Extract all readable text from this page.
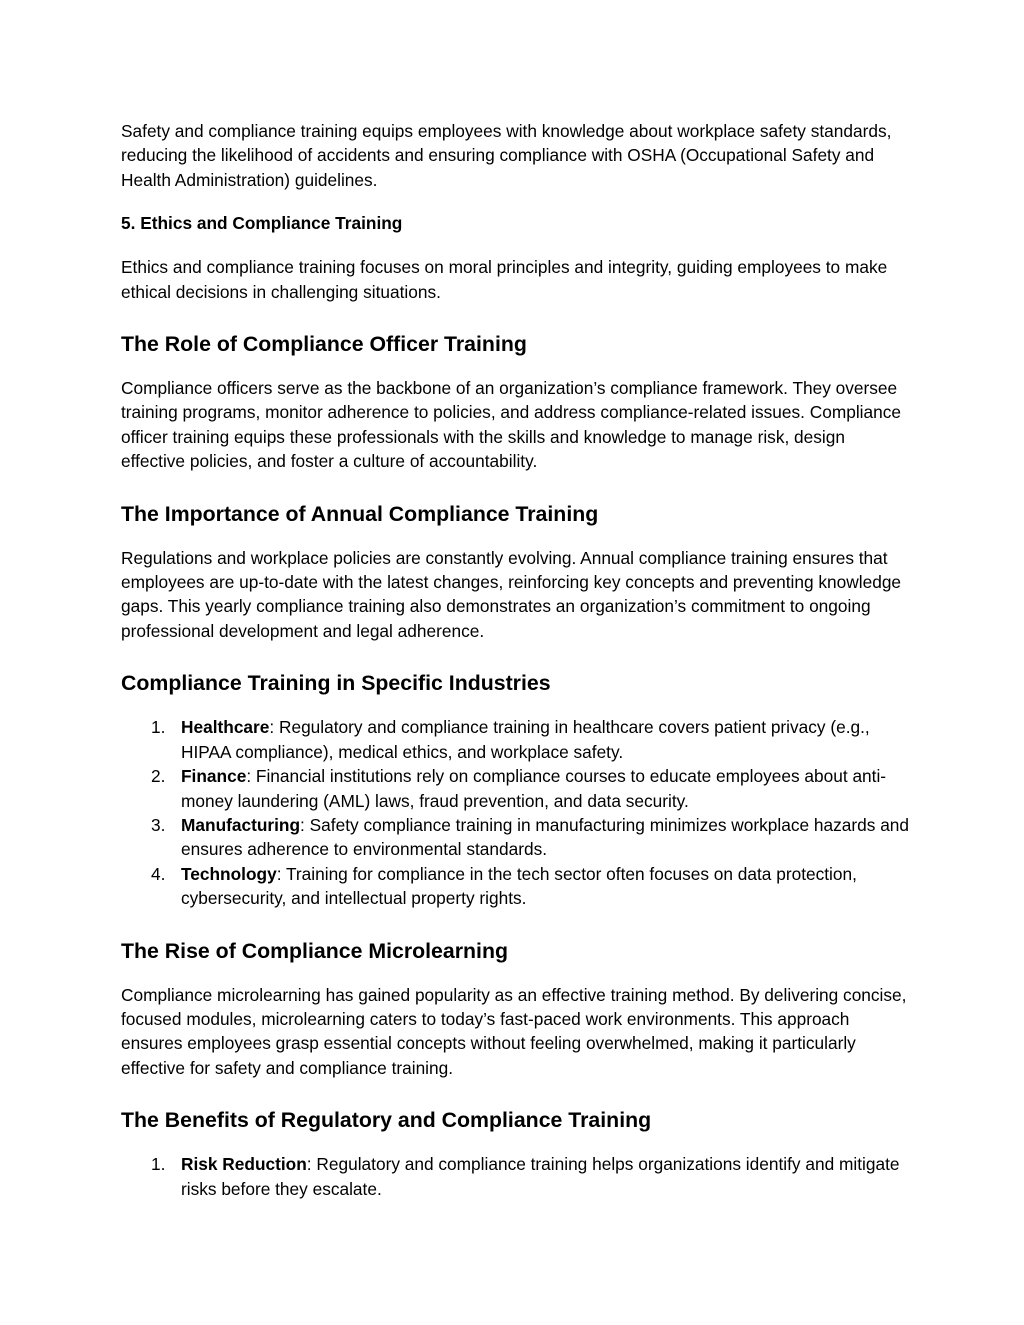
Safety and compliance training equips employees with knowledge about workplace safety standards, reducing the likelihood of accidents and ensuring compliance with OSHA (Occupational Safety and Health Administration) guidelines.

5. Ethics and Compliance Training

Ethics and compliance training focuses on moral principles and integrity, guiding employees to make ethical decisions in challenging situations.

The Role of Compliance Officer Training

Compliance officers serve as the backbone of an organization’s compliance framework. They oversee training programs, monitor adherence to policies, and address compliance-related issues. Compliance officer training equips these professionals with the skills and knowledge to manage risk, design effective policies, and foster a culture of accountability.

The Importance of Annual Compliance Training

Regulations and workplace policies are constantly evolving. Annual compliance training ensures that employees are up-to-date with the latest changes, reinforcing key concepts and preventing knowledge gaps. This yearly compliance training also demonstrates an organization’s commitment to ongoing professional development and legal adherence.

Compliance Training in Specific Industries
1. Healthcare: Regulatory and compliance training in healthcare covers patient privacy (e.g., HIPAA compliance), medical ethics, and workplace safety.
2. Finance: Financial institutions rely on compliance courses to educate employees about anti-money laundering (AML) laws, fraud prevention, and data security.
3. Manufacturing: Safety compliance training in manufacturing minimizes workplace hazards and ensures adherence to environmental standards.
4. Technology: Training for compliance in the tech sector often focuses on data protection, cybersecurity, and intellectual property rights.
The Rise of Compliance Microlearning

Compliance microlearning has gained popularity as an effective training method. By delivering concise, focused modules, microlearning caters to today’s fast-paced work environments. This approach ensures employees grasp essential concepts without feeling overwhelmed, making it particularly effective for safety and compliance training.

The Benefits of Regulatory and Compliance Training
1. Risk Reduction: Regulatory and compliance training helps organizations identify and mitigate risks before they escalate.
